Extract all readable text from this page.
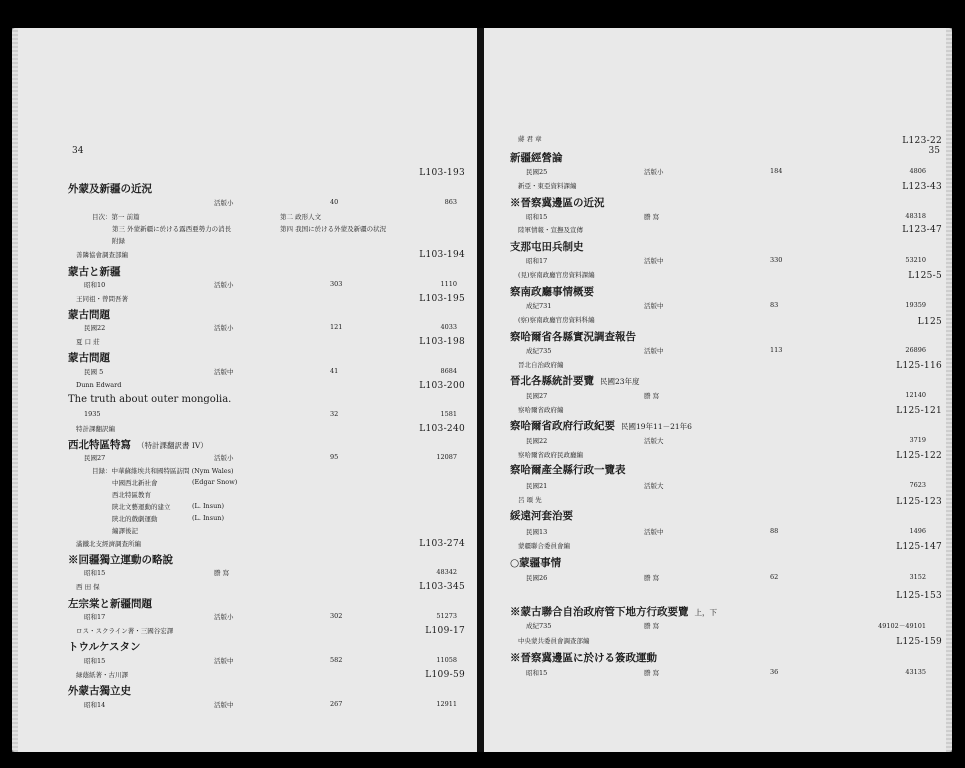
34
L103-193
外蒙及新疆の近況
活版小	40	863
目次：第一 前篇	第二 政形人文
第三 外蒙新疆に於ける露西亜勢力の消長	第四 我国に於ける外蒙及新疆の状況
附録
善隣協會調查部編	L103-194
蒙古と新疆
昭和10	活版小	303	1110
王同祖・曾問吾著	L103-195
蒙古問題
民國22	活版小	121	4033
夏 口 莊	L103-198
蒙古問題
民國 5	活版中	41	8684
Dunn Edward	L103-200
The truth about outer mongolia.
1935	32	1581
特計課翻訳編	L103-240
西北特區特寫 （特計課翻訳書 IV）
民國27	活版小	95	12087
目録：中華蘇維埃共和國特區訪問 (Nym Wales)
中國西北新社會	(Edgar Snow)
西北特區教育
陝北文藝運動的建立	(L. Insun)
陝北的戲劇運動	(L. Insun)
編譯後記
滿鐵北支經濟調查所編	L103-274
※回疆獨立運動の略說
昭和15	謄 寫	48342
西 田 保	L103-345
左宗棠と新疆問題
昭和17	活版小	302	51273
ロス・スクライン著・三國谷宏譯	L109-17
トウルケスタン
昭和15	活版中	582	11058
緑蔭紙著・古川譯	L109-59
外蒙古獨立史
昭和14	活版中	267	12911
35
蔣 君 章	L123-22
新疆經營論
民國25	活版小	184	4806
新亞・東亞資料課編	L123-43
※晉察冀邊區の近況
昭和15	謄 寫	48318
陸軍情報・宣撫及宣傳	L123-47
支那屯田兵制史
昭和17	活版中	330	53210
(見)察南政廳官房資料課編	L125-5
察南政廳事情概要
成紀731	活版中	83	19359
(察)察南政廳官房資料科編	L125
察哈爾省各縣實況調查報告
成紀735	活版中	113	26896
晉北自治政府編	L125-116
晉北各縣統計要覽 民國23年度
民國27	謄 寫	12140
察哈爾省政府編	L125-121
察哈爾省政府行政紀要 民國19年11－21年6
民國22	活版大	3719
察哈爾省政府民政廳編	L125-122
察哈爾產全縣行政一覽表
民國21	活版大	7623
呂 頌 先	L125-123
綏遠河套治要
民國13	活版中	88	1496
蒙疆聯合委員會編	L125-147
○蒙疆事情
民國26	謄 寫	62	3152
L125-153
※蒙古聯合自治政府管下地方行政要覽 上，下
成紀735	謄 寫	49102－49101
中央蒙共委員會調查部編	L125-159
※晉察冀邊區に於ける簽政運動
昭和15	謄 寫	36	43135
